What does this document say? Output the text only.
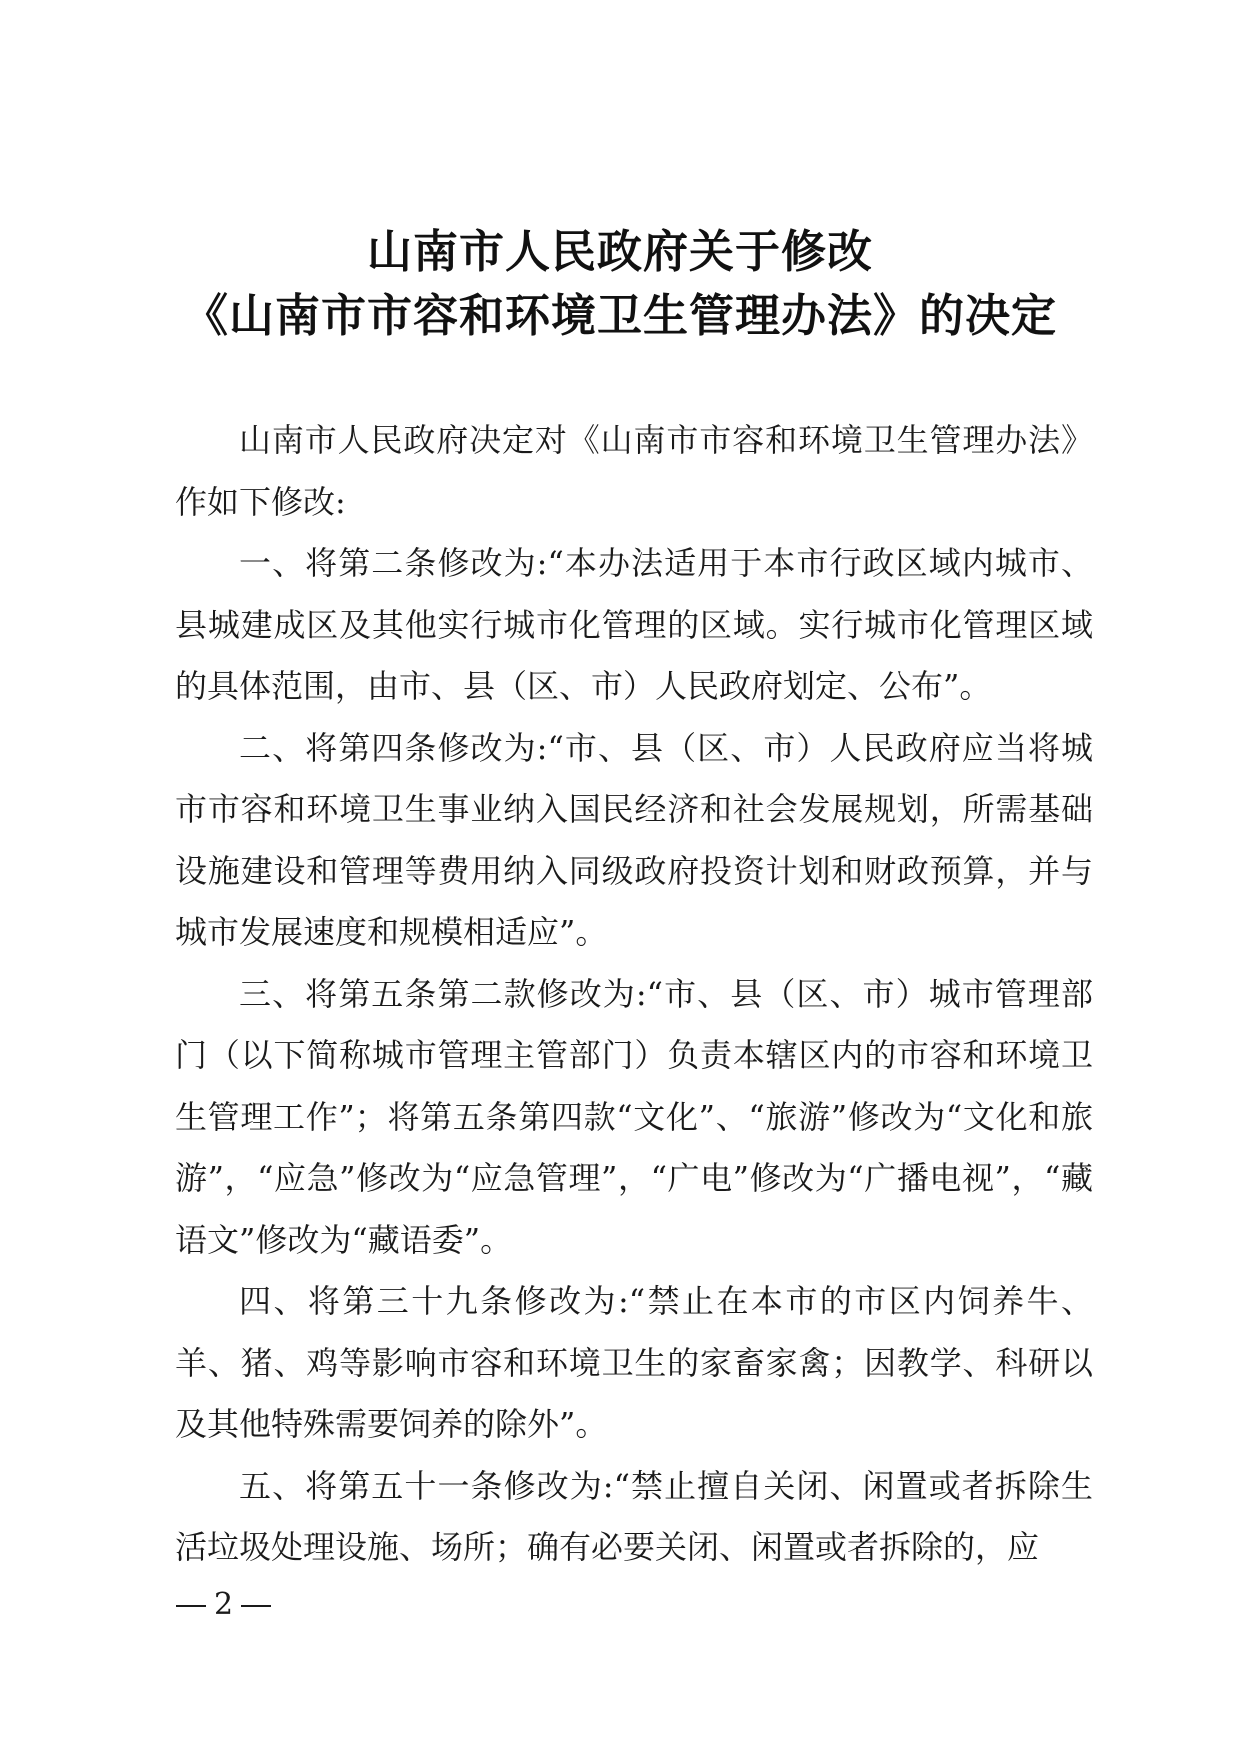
山南市人民政府关于修改
《山南市市容和环境卫生管理办法》的决定

山南市人民政府决定对《山南市市容和环境卫生管理办法》作如下修改:

一、将第二条修改为:“本办法适用于本市行政区域内城市、县城建成区及其他实行城市化管理的区域。实行城市化管理区域的具体范围，由市、县（区、市）人民政府划定、公布”。

二、将第四条修改为:“市、县（区、市）人民政府应当将城市市容和环境卫生事业纳入国民经济和社会发展规划，所需基础设施建设和管理等费用纳入同级政府投资计划和财政预算，并与城市发展速度和规模相适应”。

三、将第五条第二款修改为:“市、县（区、市）城市管理部门（以下简称城市管理主管部门）负责本辖区内的市容和环境卫生管理工作”；将第五条第四款“文化”、“旅游”修改为“文化和旅游”，“应急”修改为“应急管理”，“广电”修改为“广播电视”，“藏语文”修改为“藏语委”。

四、将第三十九条修改为:“禁止在本市的市区内饲养牛、羊、猪、鸡等影响市容和环境卫生的家畜家禽；因教学、科研以及其他特殊需要饲养的除外”。

五、将第五十一条修改为:“禁止擅自关闭、闲置或者拆除生活垃圾处理设施、场所；确有必要关闭、闲置或者拆除的，应

2
